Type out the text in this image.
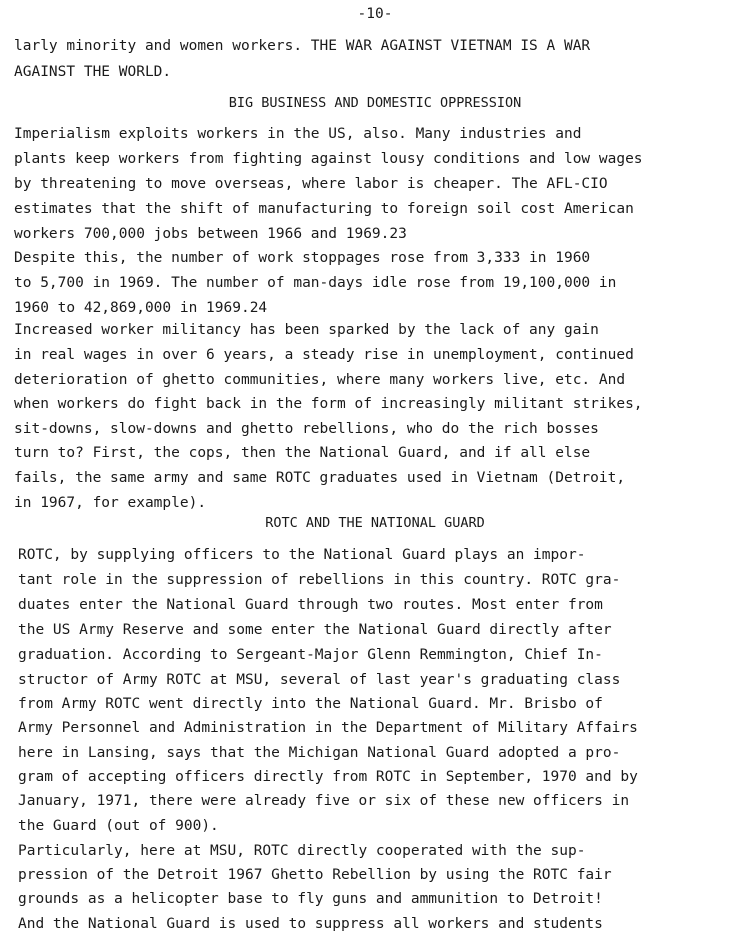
-10-
larly minority and women workers. THE WAR AGAINST VIETNAM IS A WAR
AGAINST THE WORLD.
BIG BUSINESS AND DOMESTIC OPPRESSION
Imperialism exploits workers in the US, also. Many industries and
plants keep workers from fighting against lousy conditions and low wages
by threatening to move overseas, where labor is cheaper. The AFL-CIO
estimates that the shift of manufacturing to foreign soil cost American
workers 700,000 jobs between 1966 and 1969.23
Despite this, the number of work stoppages rose from 3,333 in 1960
to 5,700 in 1969. The number of man-days idle rose from 19,100,000 in
1960 to 42,869,000 in 1969.24
Increased worker militancy has been sparked by the lack of any gain
in real wages in over 6 years, a steady rise in unemployment, continued
deterioration of ghetto communities, where many workers live, etc. And
when workers do fight back in the form of increasingly militant strikes,
sit-downs, slow-downs and ghetto rebellions, who do the rich bosses
turn to? First, the cops, then the National Guard, and if all else
fails, the same army and same ROTC graduates used in Vietnam (Detroit,
in 1967, for example).
ROTC AND THE NATIONAL GUARD
ROTC, by supplying officers to the National Guard plays an impor-
tant role in the suppression of rebellions in this country. ROTC gra-
duates enter the National Guard through two routes. Most enter from
the US Army Reserve and some enter the National Guard directly after
graduation. According to Sergeant-Major Glenn Remmington, Chief In-
structor of Army ROTC at MSU, several of last year's graduating class
from Army ROTC went directly into the National Guard. Mr. Brisbo of
Army Personnel and Administration in the Department of Military Affairs
here in Lansing, says that the Michigan National Guard adopted a pro-
gram of accepting officers directly from ROTC in September, 1970 and by
January, 1971, there were already five or six of these new officers in
the Guard (out of 900).
Particularly, here at MSU, ROTC directly cooperated with the sup-
pression of the Detroit 1967 Ghetto Rebellion by using the ROTC fair
grounds as a helicopter base to fly guns and ammunition to Detroit!
And the National Guard is used to suppress all workers and students
